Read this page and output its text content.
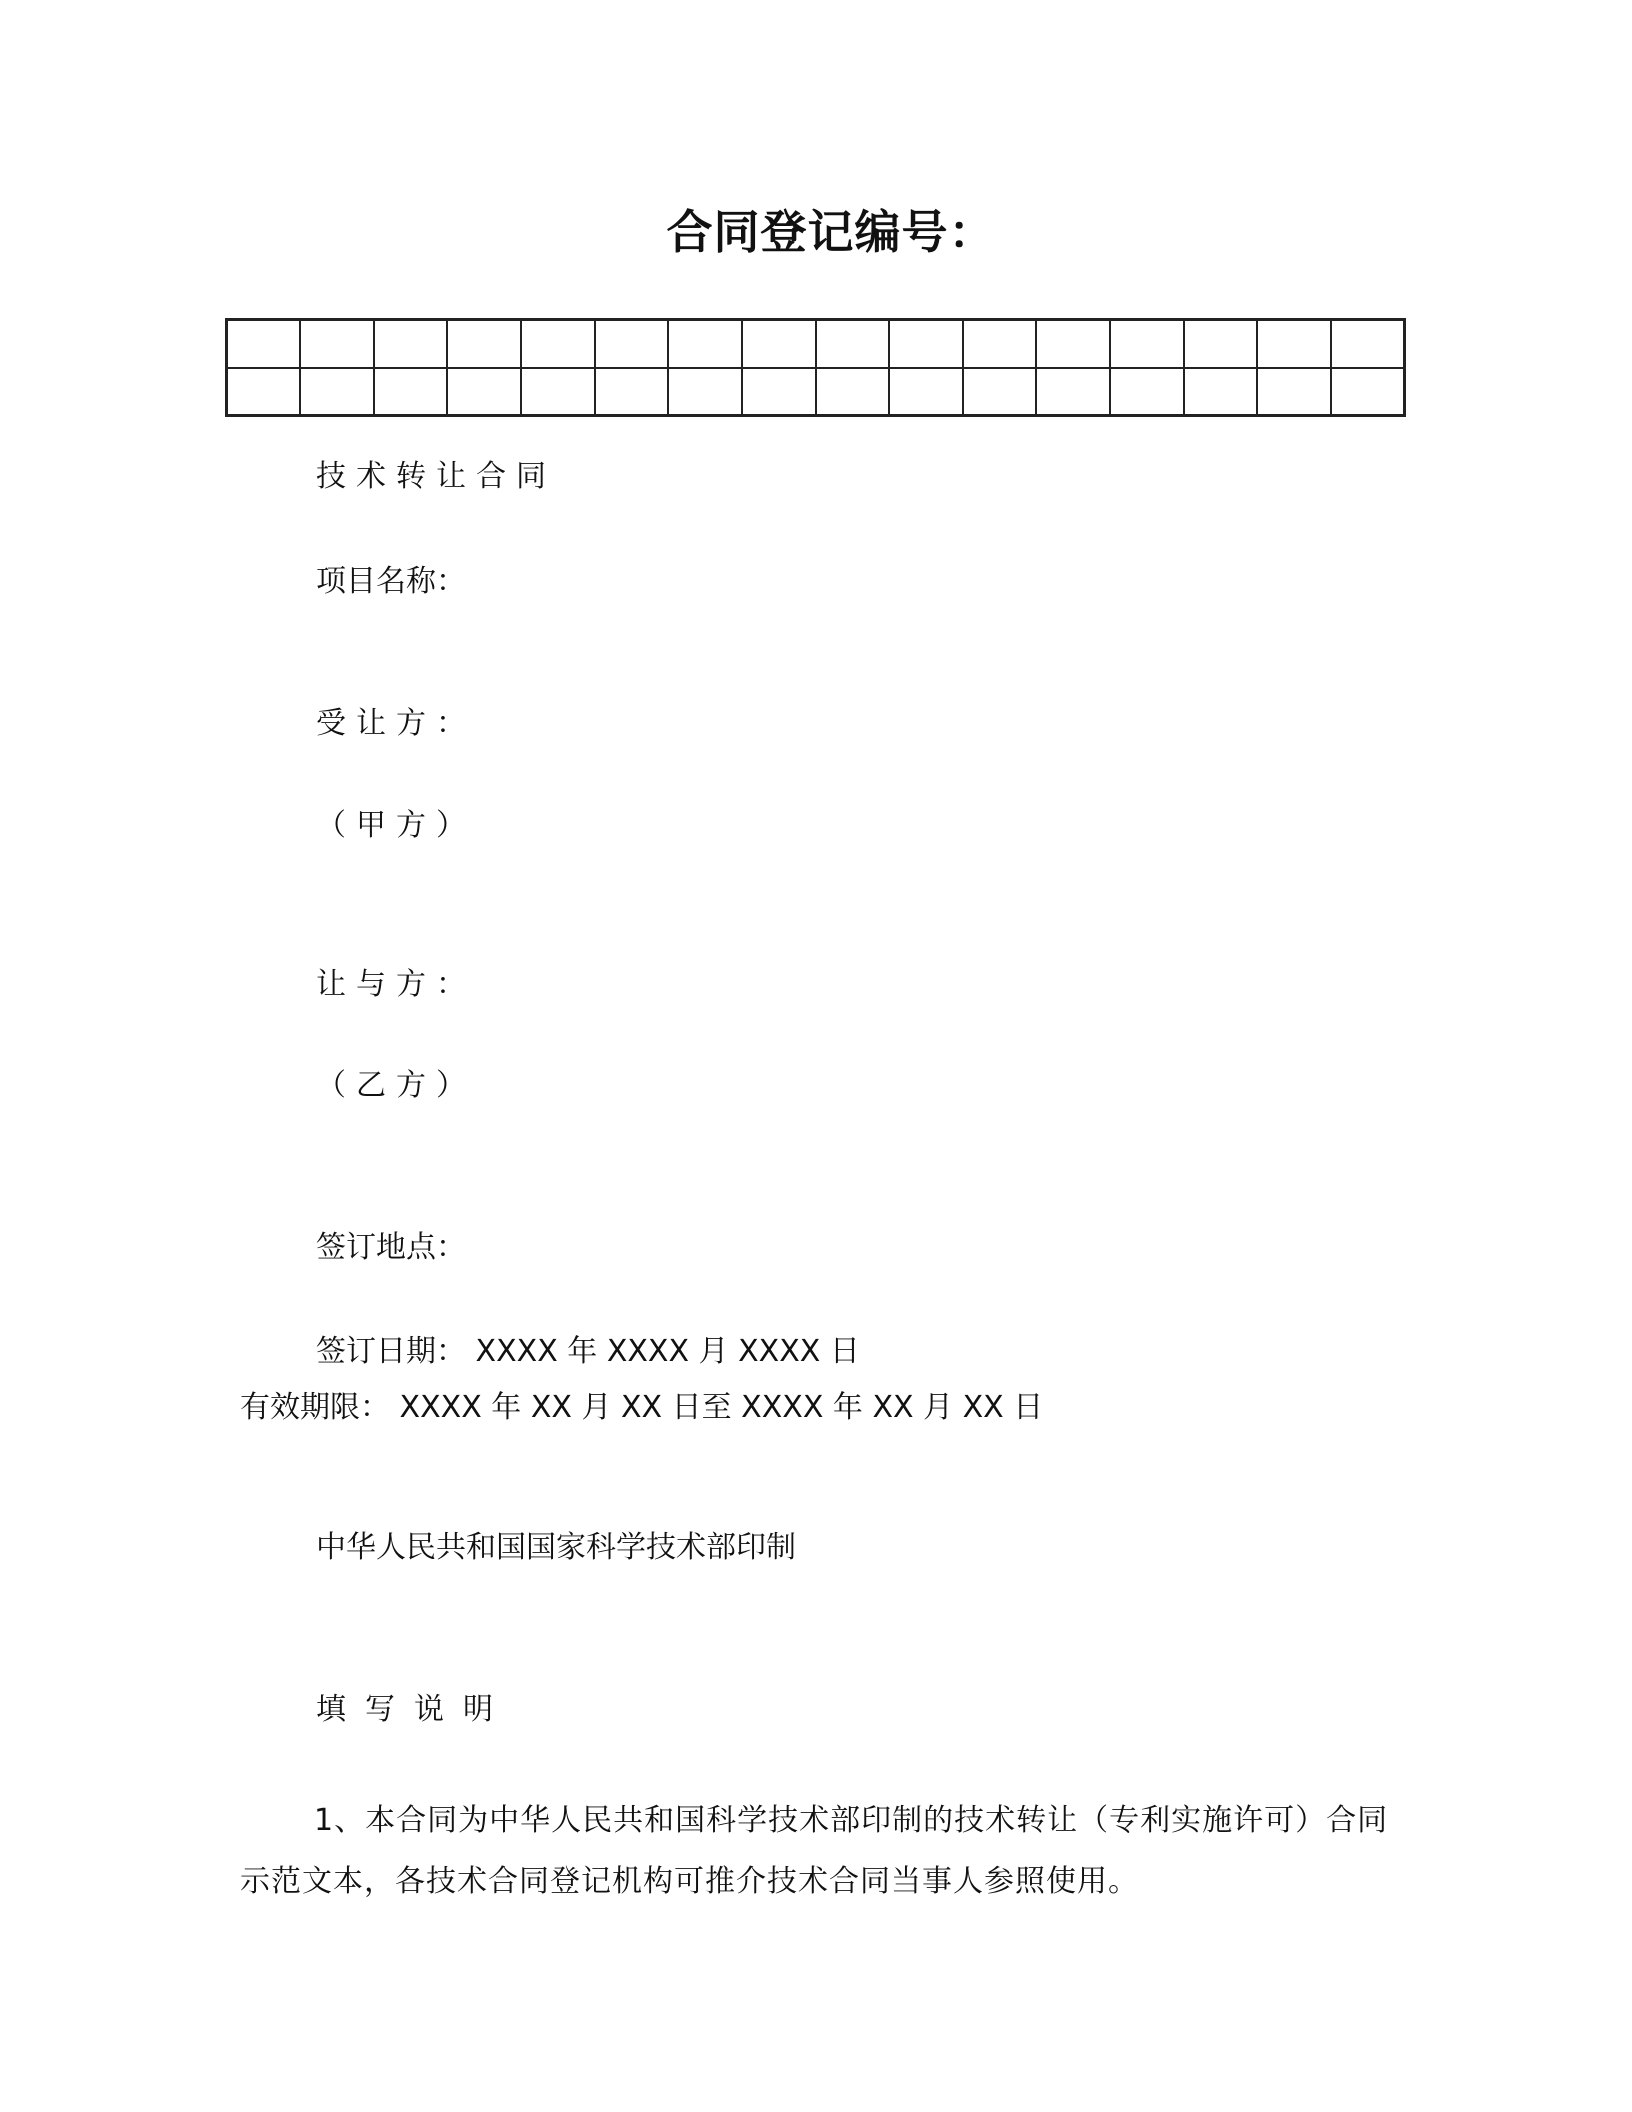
合同登记编号：

技术转让合同
项目名称：
受让方：
（甲方）
让与方：
（乙方）
签订地点：
签订日期： XXXX 年 XXXX 月 XXXX 日
有效期限： XXXX 年 XX 月 XX 日至 XXXX 年 XX 月 XX 日
中华人民共和国国家科学技术部印制
填写说明
1、本合同为中华人民共和国科学技术部印制的技术转让（专利实施许可）合同示范文本，各技术合同登记机构可推介技术合同当事人参照使用。
